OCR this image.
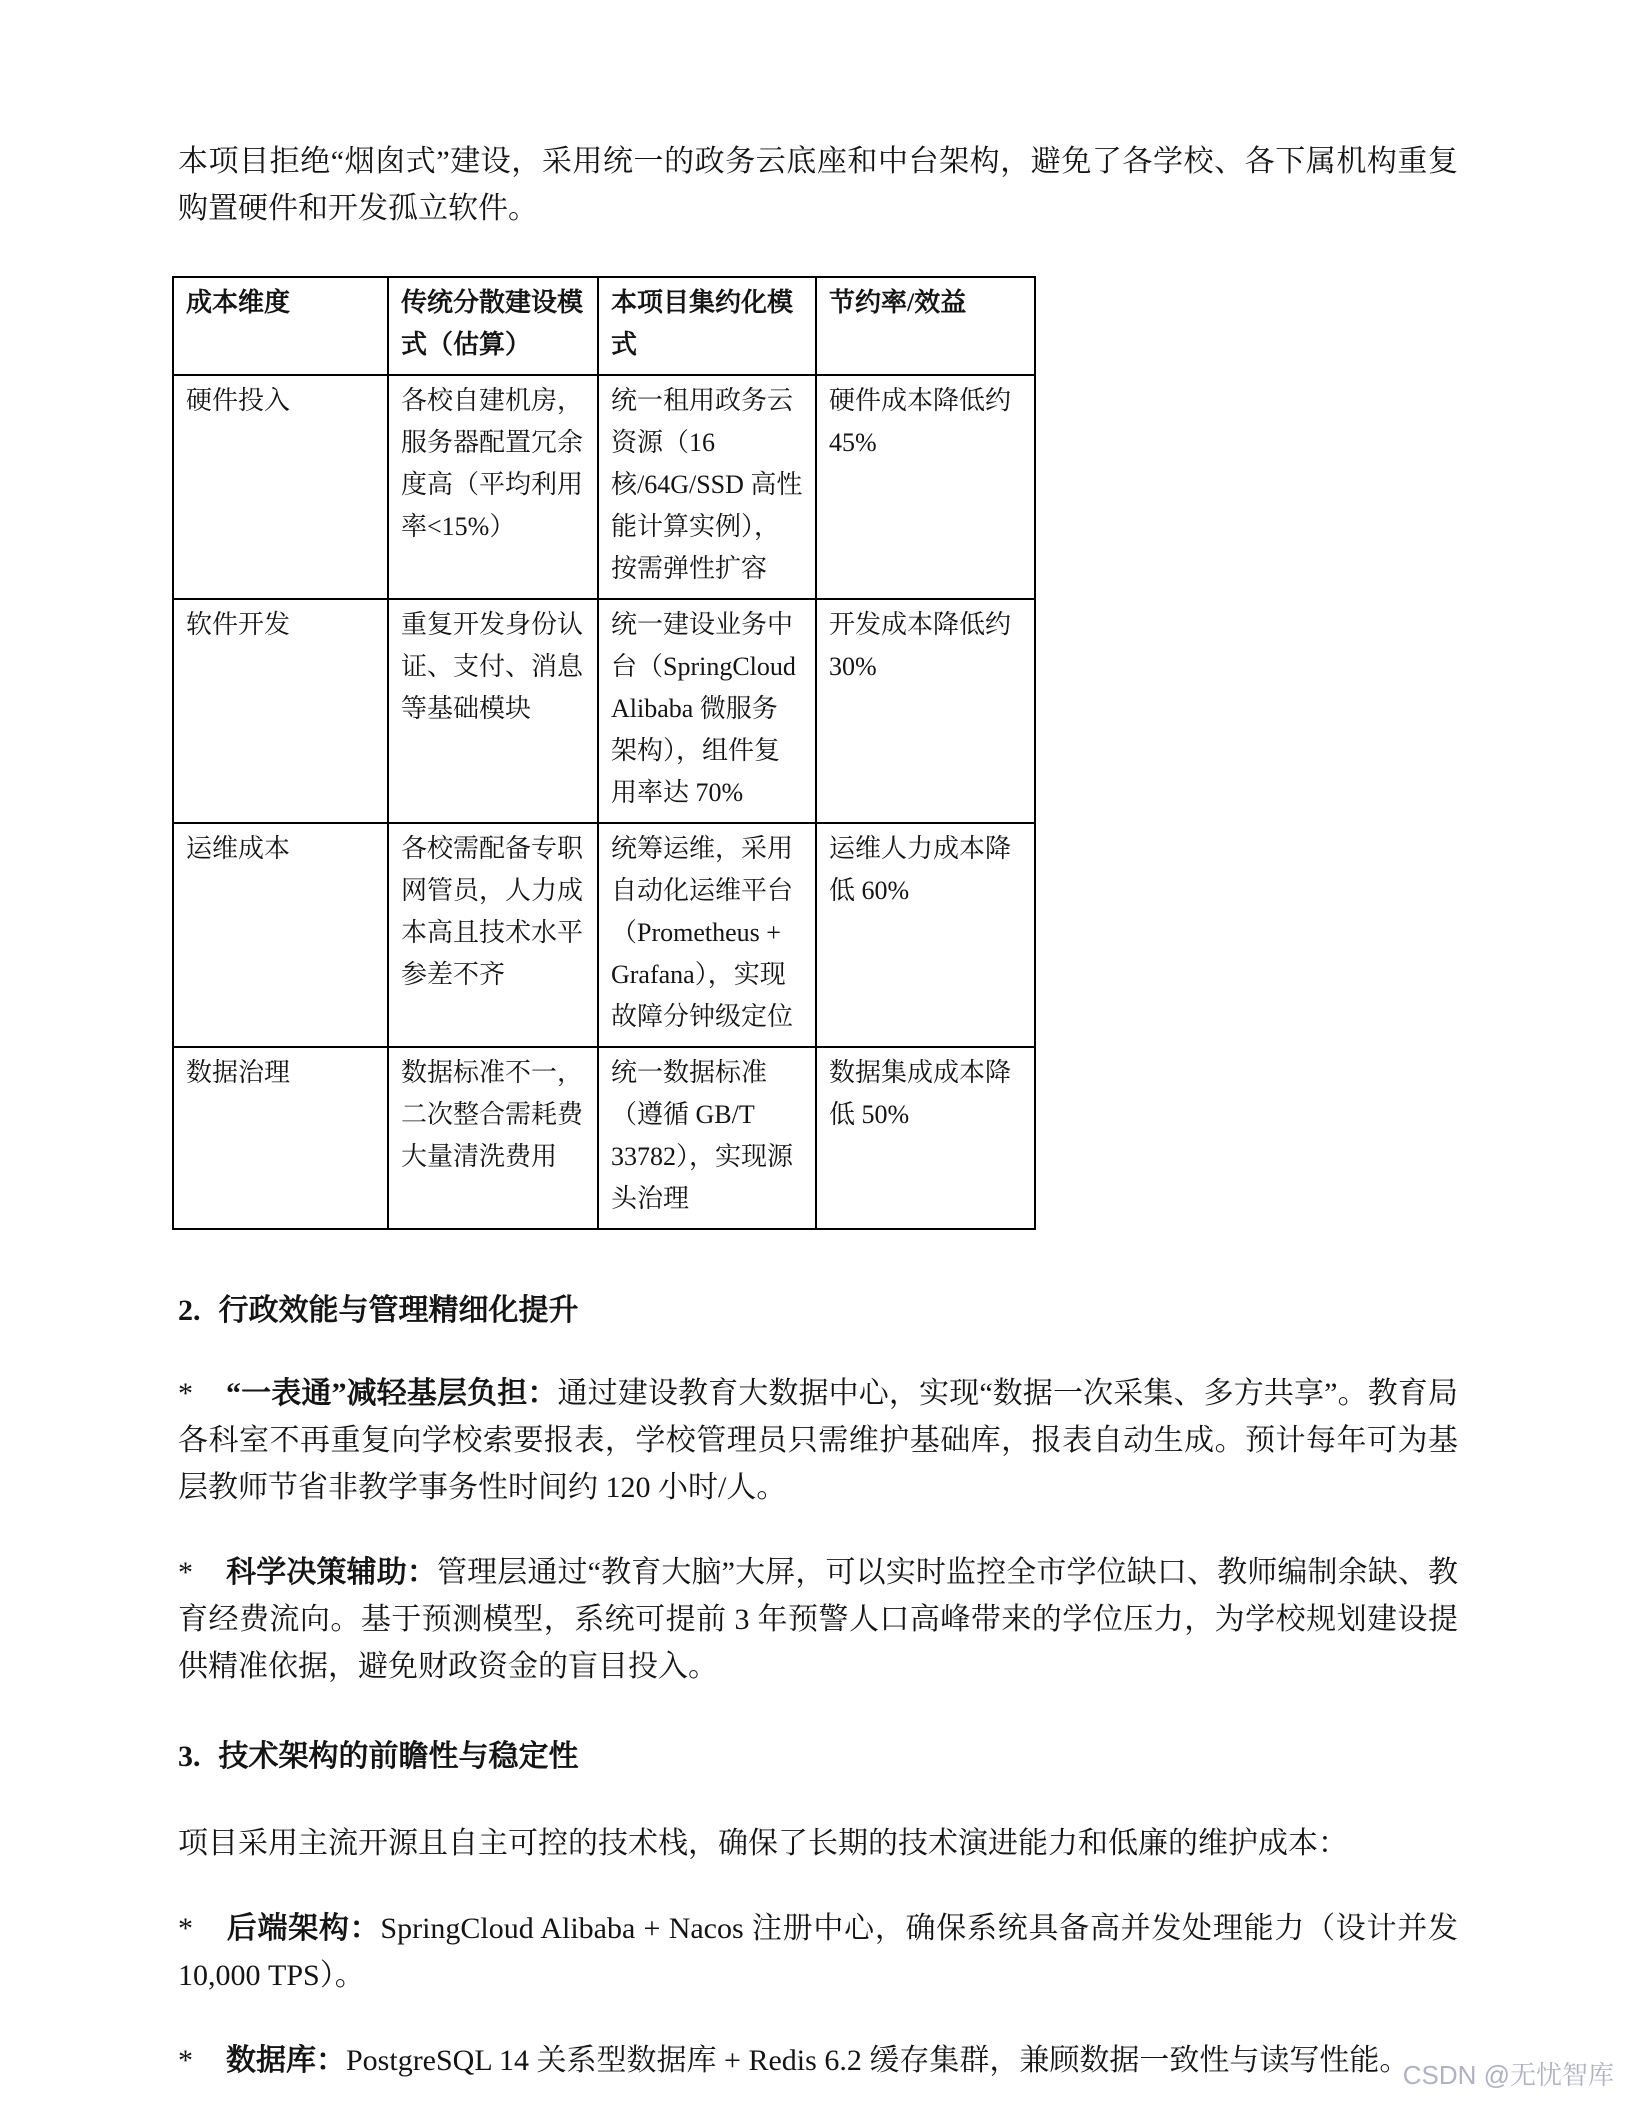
本项目拒绝“烟囱式”建设，采用统一的政务云底座和中台架构，避免了各学校、各下属机构重复购置硬件和开发孤立软件。

成本维度	传统分散建设模式（估算）	本项目集约化模式	节约率/效益
硬件投入	各校自建机房，服务器配置冗余度高（平均利用率<15%）	统一租用政务云资源（16 核/64G/SSD 高性能计算实例），按需弹性扩容	硬件成本降低约 45%
软件开发	重复开发身份认证、支付、消息等基础模块	统一建设业务中台（SpringCloud Alibaba 微服务架构），组件复用率达 70%	开发成本降低约 30%
运维成本	各校需配备专职网管员，人力成本高且技术水平参差不齐	统筹运维，采用自动化运维平台（Prometheus + Grafana），实现故障分钟级定位	运维人力成本降低 60%
数据治理	数据标准不一，二次整合需耗费大量清洗费用	统一数据标准（遵循 GB/T 33782），实现源头治理	数据集成成本降低 50%
2. 行政效能与管理精细化提升

* “一表通”减轻基层负担：通过建设教育大数据中心，实现“数据一次采集、多方共享”。教育局各科室不再重复向学校索要报表，学校管理员只需维护基础库，报表自动生成。预计每年可为基层教师节省非教学事务性时间约 120 小时/人。

* 科学决策辅助：管理层通过“教育大脑”大屏，可以实时监控全市学位缺口、教师编制余缺、教育经费流向。基于预测模型，系统可提前 3 年预警人口高峰带来的学位压力，为学校规划建设提供精准依据，避免财政资金的盲目投入。

3. 技术架构的前瞻性与稳定性

项目采用主流开源且自主可控的技术栈，确保了长期的技术演进能力和低廉的维护成本：

* 后端架构：SpringCloud Alibaba + Nacos 注册中心，确保系统具备高并发处理能力（设计并发 10,000 TPS）。

* 数据库：PostgreSQL 14 关系型数据库 + Redis 6.2 缓存集群，兼顾数据一致性与读写性能。

CSDN @无忧智库
